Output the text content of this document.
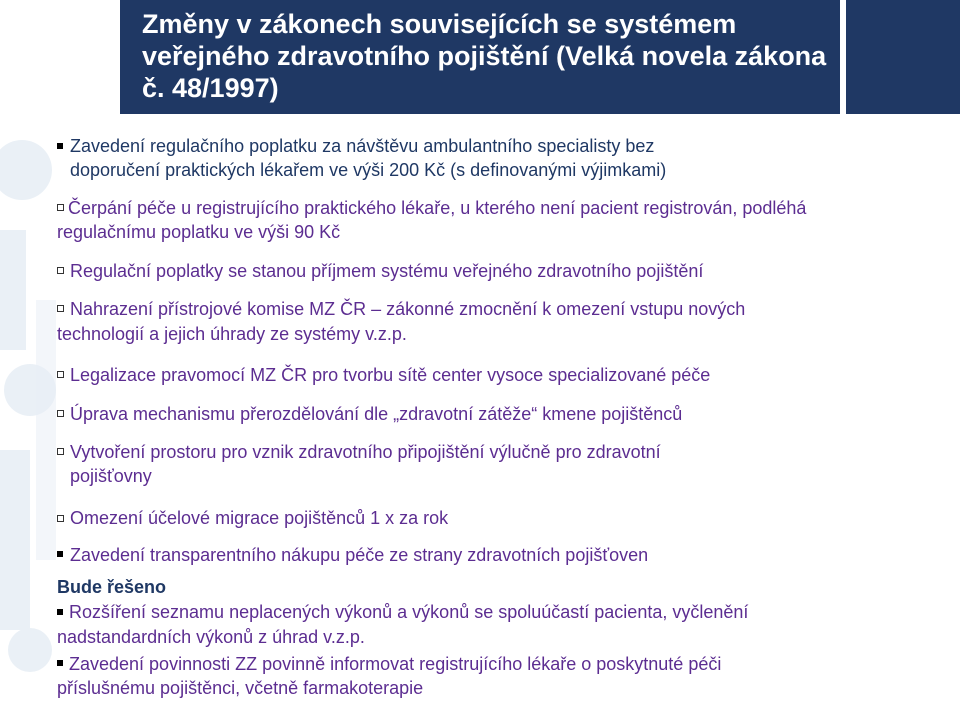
Změny v zákonech souvisejících se systémem
veřejného zdravotního pojištění (Velká novela zákona
č. 48/1997)
Zavedení regulačního poplatku za návštěvu ambulantního specialisty bez
doporučení praktických lékařem ve výši 200 Kč (s definovanými výjimkami)
Čerpání péče u registrujícího praktického lékaře, u kterého není pacient registrován, podléhá
regulačnímu poplatku ve výši 90 Kč
Regulační poplatky se stanou příjmem systému veřejného zdravotního pojištění
Nahrazení přístrojové komise MZ ČR – zákonné zmocnění k omezení vstupu nových
technologií a jejich úhrady ze systémy v.z.p.
Legalizace pravomocí MZ ČR pro tvorbu sítě center vysoce specializované péče
Úprava mechanismu přerozdělování dle „zdravotní zátěže“ kmene pojištěnců
Vytvoření prostoru pro vznik zdravotního připojištění výlučně pro zdravotní
pojišťovny
Omezení účelové migrace pojištěnců 1 x za rok
Zavedení transparentního nákupu péče ze strany zdravotních pojišťoven
Bude řešeno
Rozšíření seznamu neplacených výkonů a výkonů se spoluúčastí pacienta, vyčlenění
nadstandardních výkonů z úhrad v.z.p.
Zavedení povinnosti ZZ povinně informovat registrujícího lékaře o poskytnuté péči
příslušnému pojištěnci, včetně farmakoterapie
